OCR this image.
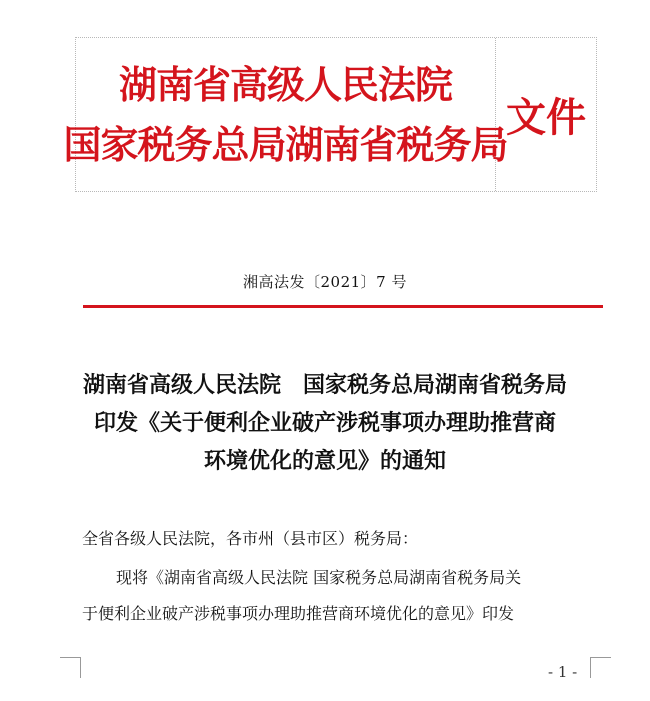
湖南省高级人民法院
国家税务总局湖南省税务局
文件
湘高法发〔2021〕7 号
湖南省高级人民法院　国家税务总局湖南省税务局
印发《关于便利企业破产涉税事项办理助推营商
环境优化的意见》的通知
全省各级人民法院，各市州（县市区）税务局：
现将《湖南省高级人民法院 国家税务总局湖南省税务局关
于便利企业破产涉税事项办理助推营商环境优化的意见》印发
- 1 -
